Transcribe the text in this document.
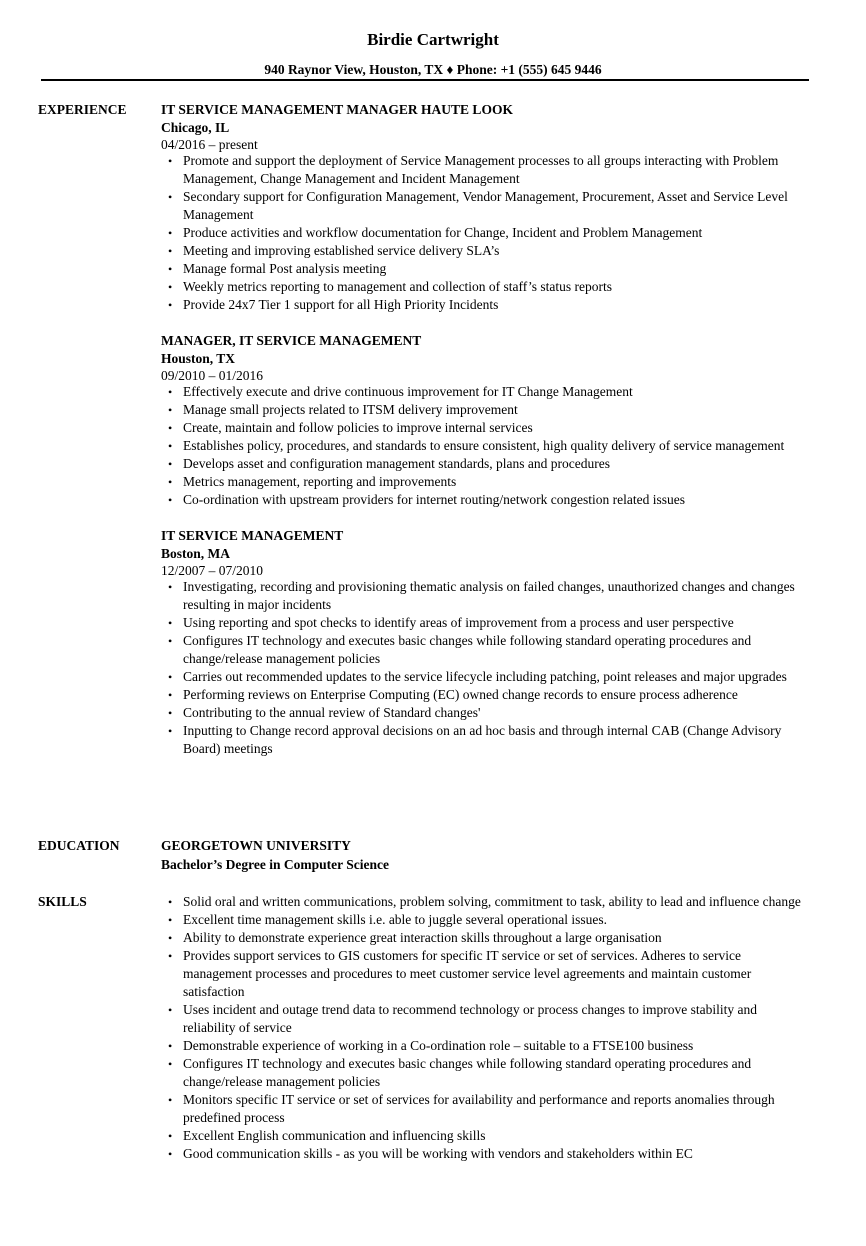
Birdie Cartwright
940 Raynor View, Houston, TX ♦ Phone: +1 (555) 645 9446
EXPERIENCE	IT SERVICE MANAGEMENT MANAGER HAUTE LOOK
Chicago, IL
04/2016 – present
• Promote and support the deployment of Service Management processes to all groups interacting with Problem Management, Change Management and Incident Management
• Secondary support for Configuration Management, Vendor Management, Procurement, Asset and Service Level Management
• Produce activities and workflow documentation for Change, Incident and Problem Management
• Meeting and improving established service delivery SLA’s
• Manage formal Post analysis meeting
• Weekly metrics reporting to management and collection of staff’s status reports
• Provide 24x7 Tier 1 support for all High Priority Incidents
MANAGER, IT SERVICE MANAGEMENT
Houston, TX
09/2010 – 01/2016
• Effectively execute and drive continuous improvement for IT Change Management
• Manage small projects related to ITSM delivery improvement
• Create, maintain and follow policies to improve internal services
• Establishes policy, procedures, and standards to ensure consistent, high quality delivery of service management
• Develops asset and configuration management standards, plans and procedures
• Metrics management, reporting and improvements
• Co-ordination with upstream providers for internet routing/network congestion related issues
IT SERVICE MANAGEMENT
Boston, MA
12/2007 – 07/2010
• Investigating, recording and provisioning thematic analysis on failed changes, unauthorized changes and changes resulting in major incidents
• Using reporting and spot checks to identify areas of improvement from a process and user perspective
• Configures IT technology and executes basic changes while following standard operating procedures and change/release management policies
• Carries out recommended updates to the service lifecycle including patching, point releases and major upgrades
• Performing reviews on Enterprise Computing (EC) owned change records to ensure process adherence
• Contributing to the annual review of Standard changes'
• Inputting to Change record approval decisions on an ad hoc basis and through internal CAB (Change Advisory Board) meetings
EDUCATION	GEORGETOWN UNIVERSITY
Bachelor’s Degree in Computer Science
SKILLS
•	Solid oral and written communications, problem solving, commitment to task, ability to lead and influence change
• Excellent time management skills i.e. able to juggle several operational issues.
• Ability to demonstrate experience great interaction skills throughout a large organisation
• Provides support services to GIS customers for specific IT service or set of services. Adheres to service management processes and procedures to meet customer service level agreements and maintain customer satisfaction
• Uses incident and outage trend data to recommend technology or process changes to improve stability and reliability of service
• Demonstrable experience of working in a Co-ordination role – suitable to a FTSE100 business
• Configures IT technology and executes basic changes while following standard operating procedures and change/release management policies
• Monitors specific IT service or set of services for availability and performance and reports anomalies through predefined process
• Excellent English communication and influencing skills
• Good communication skills - as you will be working with vendors and stakeholders within EC
